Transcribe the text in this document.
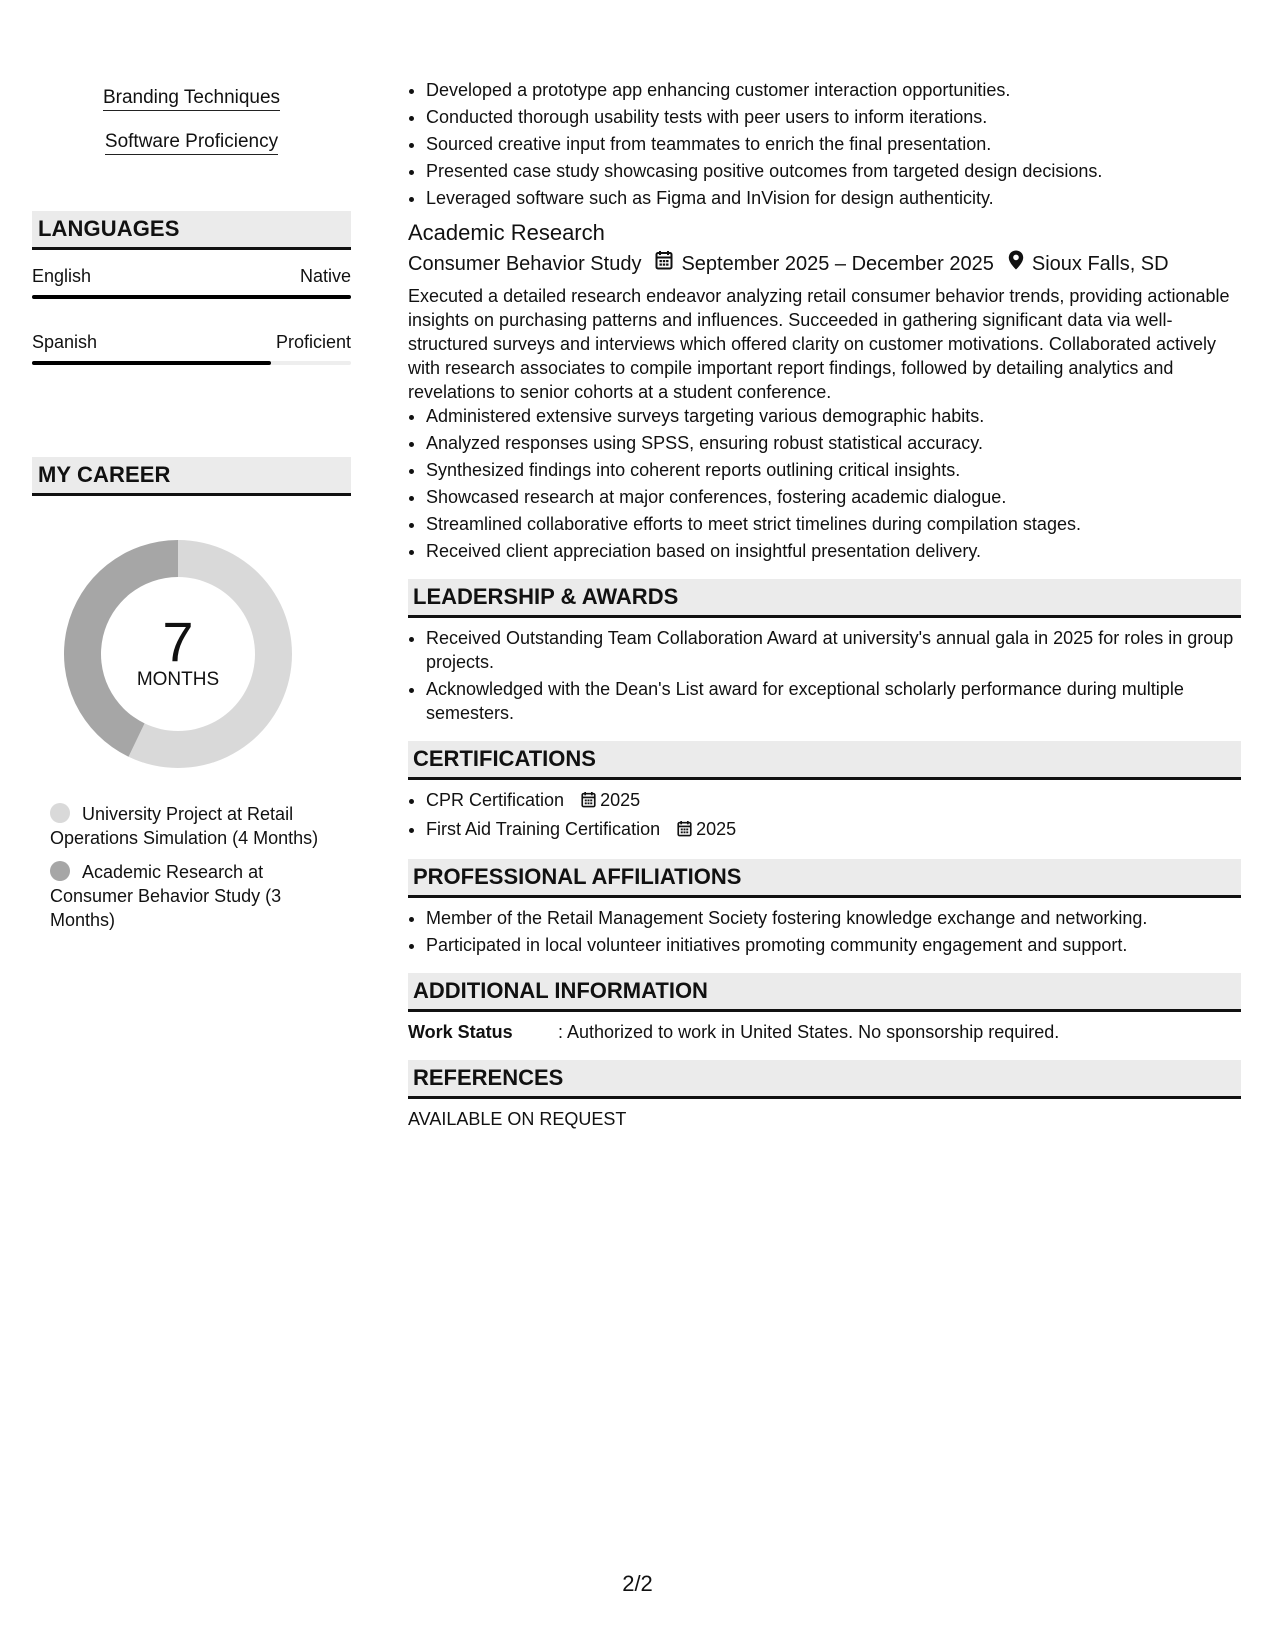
Branding Techniques
Software Proficiency
LANGUAGES
English	Native
Spanish	Proficient
MY CAREER
7
MONTHS
University Project at Retail Operations Simulation (4 Months)
Academic Research at Consumer Behavior Study (3 Months)
• Developed a prototype app enhancing customer interaction opportunities.
• Conducted thorough usability tests with peer users to inform iterations.
• Sourced creative input from teammates to enrich the final presentation.
• Presented case study showcasing positive outcomes from targeted design decisions.
• Leveraged software such as Figma and InVision for design authenticity.
Academic Research
Consumer Behavior Study September 2025 – December 2025 Sioux Falls, SD
Executed a detailed research endeavor analyzing retail consumer behavior trends, providing actionable insights on purchasing patterns and influences. Succeeded in gathering significant data via well-structured surveys and interviews which offered clarity on customer motivations. Collaborated actively with research associates to compile important report findings, followed by detailing analytics and revelations to senior cohorts at a student conference.
• Administered extensive surveys targeting various demographic habits.
• Analyzed responses using SPSS, ensuring robust statistical accuracy.
• Synthesized findings into coherent reports outlining critical insights.
• Showcased research at major conferences, fostering academic dialogue.
• Streamlined collaborative efforts to meet strict timelines during compilation stages.
• Received client appreciation based on insightful presentation delivery.
LEADERSHIP & AWARDS
• Received Outstanding Team Collaboration Award at university's annual gala in 2025 for roles in group projects.
• Acknowledged with the Dean's List award for exceptional scholarly performance during multiple semesters.
CERTIFICATIONS
• CPR Certification 2025
• First Aid Training Certification 2025
PROFESSIONAL AFFILIATIONS
• Member of the Retail Management Society fostering knowledge exchange and networking.
• Participated in local volunteer initiatives promoting community engagement and support.
ADDITIONAL INFORMATION
Work Status	: Authorized to work in United States. No sponsorship required.
REFERENCES
AVAILABLE ON REQUEST
2/2
